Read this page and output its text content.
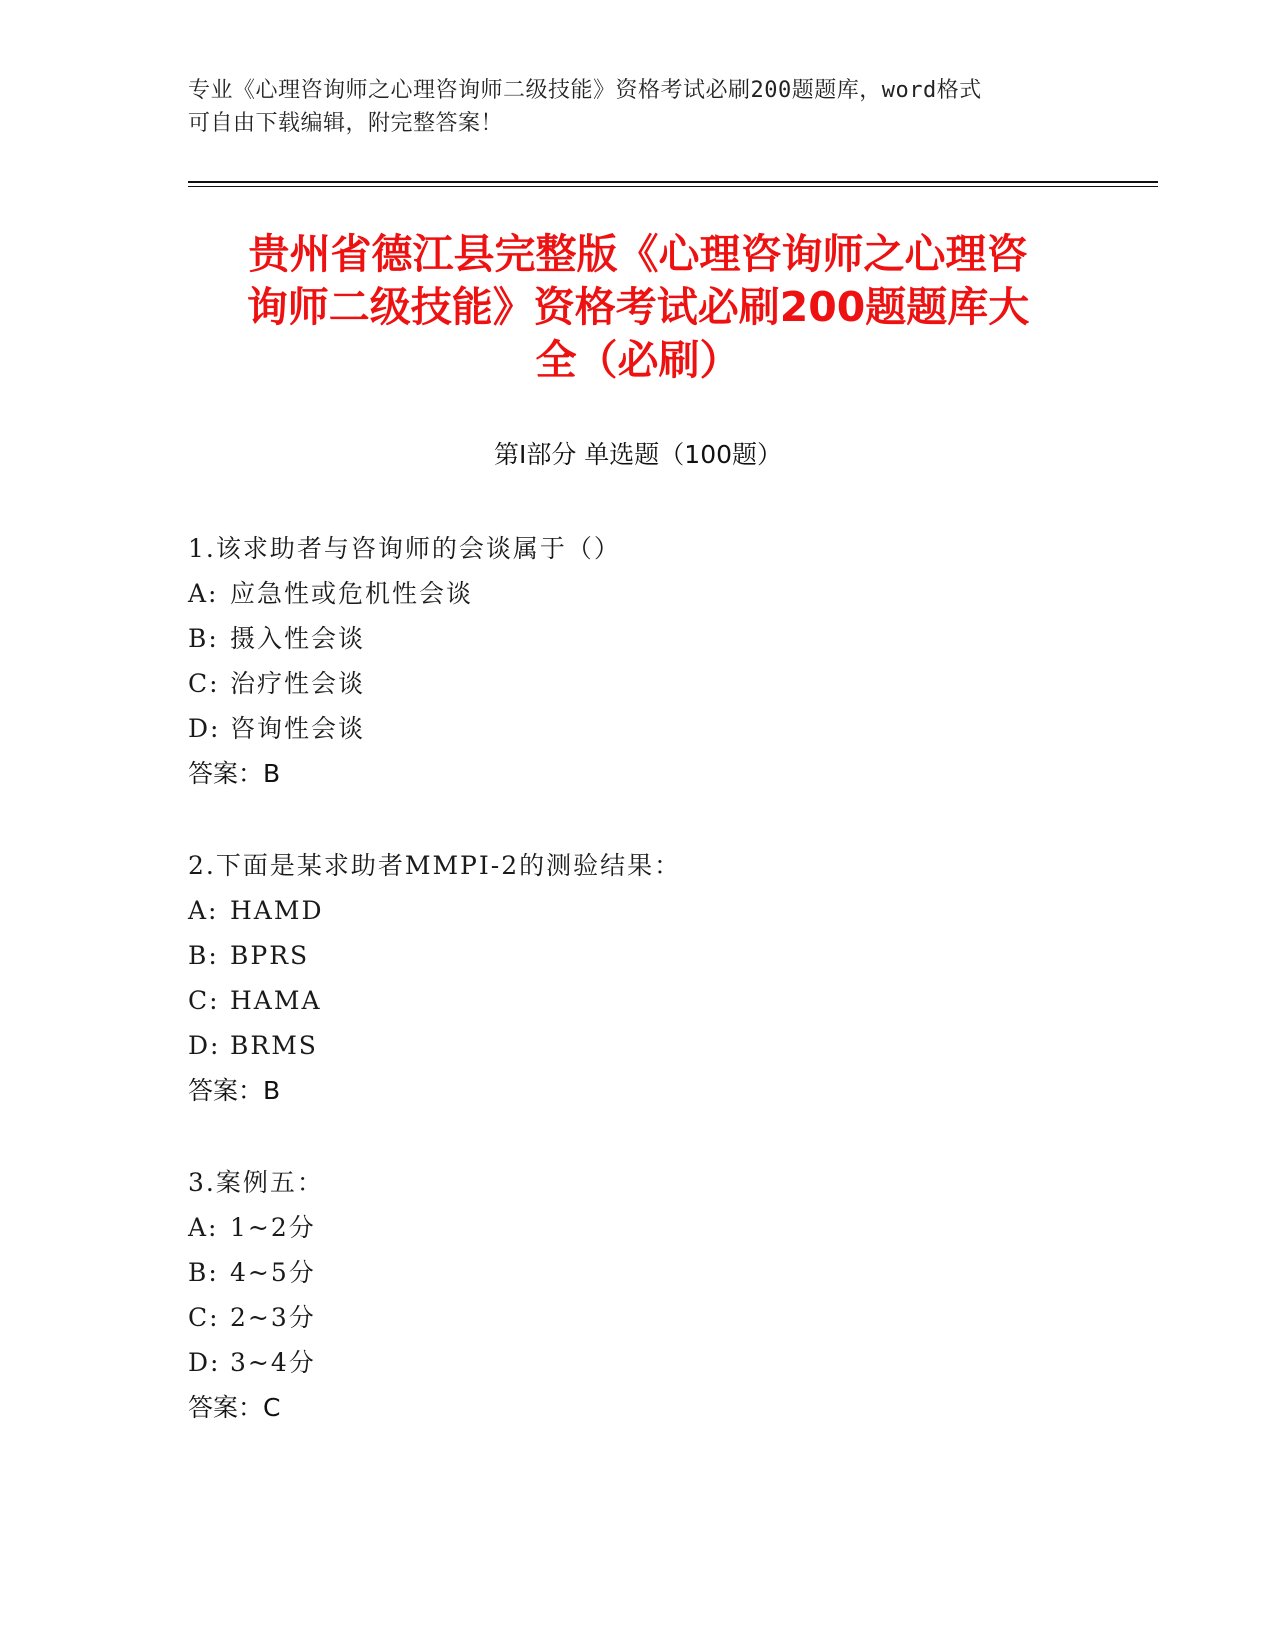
专业《心理咨询师之心理咨询师二级技能》资格考试必刷200题题库，word格式
可自由下载编辑，附完整答案！
贵州省德江县完整版《心理咨询师之心理咨
询师二级技能》资格考试必刷200题题库大
全（必刷）
第I部分 单选题（100题）
1.该求助者与咨询师的会谈属于（）
A: 应急性或危机性会谈
B: 摄入性会谈
C: 治疗性会谈
D: 咨询性会谈
答案：B
2.下面是某求助者MMPI-2的测验结果：
A: HAMD
B: BPRS
C: HAMA
D: BRMS
答案：B
3.案例五：
A: 1~2分
B: 4~5分
C: 2~3分
D: 3~4分
答案：C
